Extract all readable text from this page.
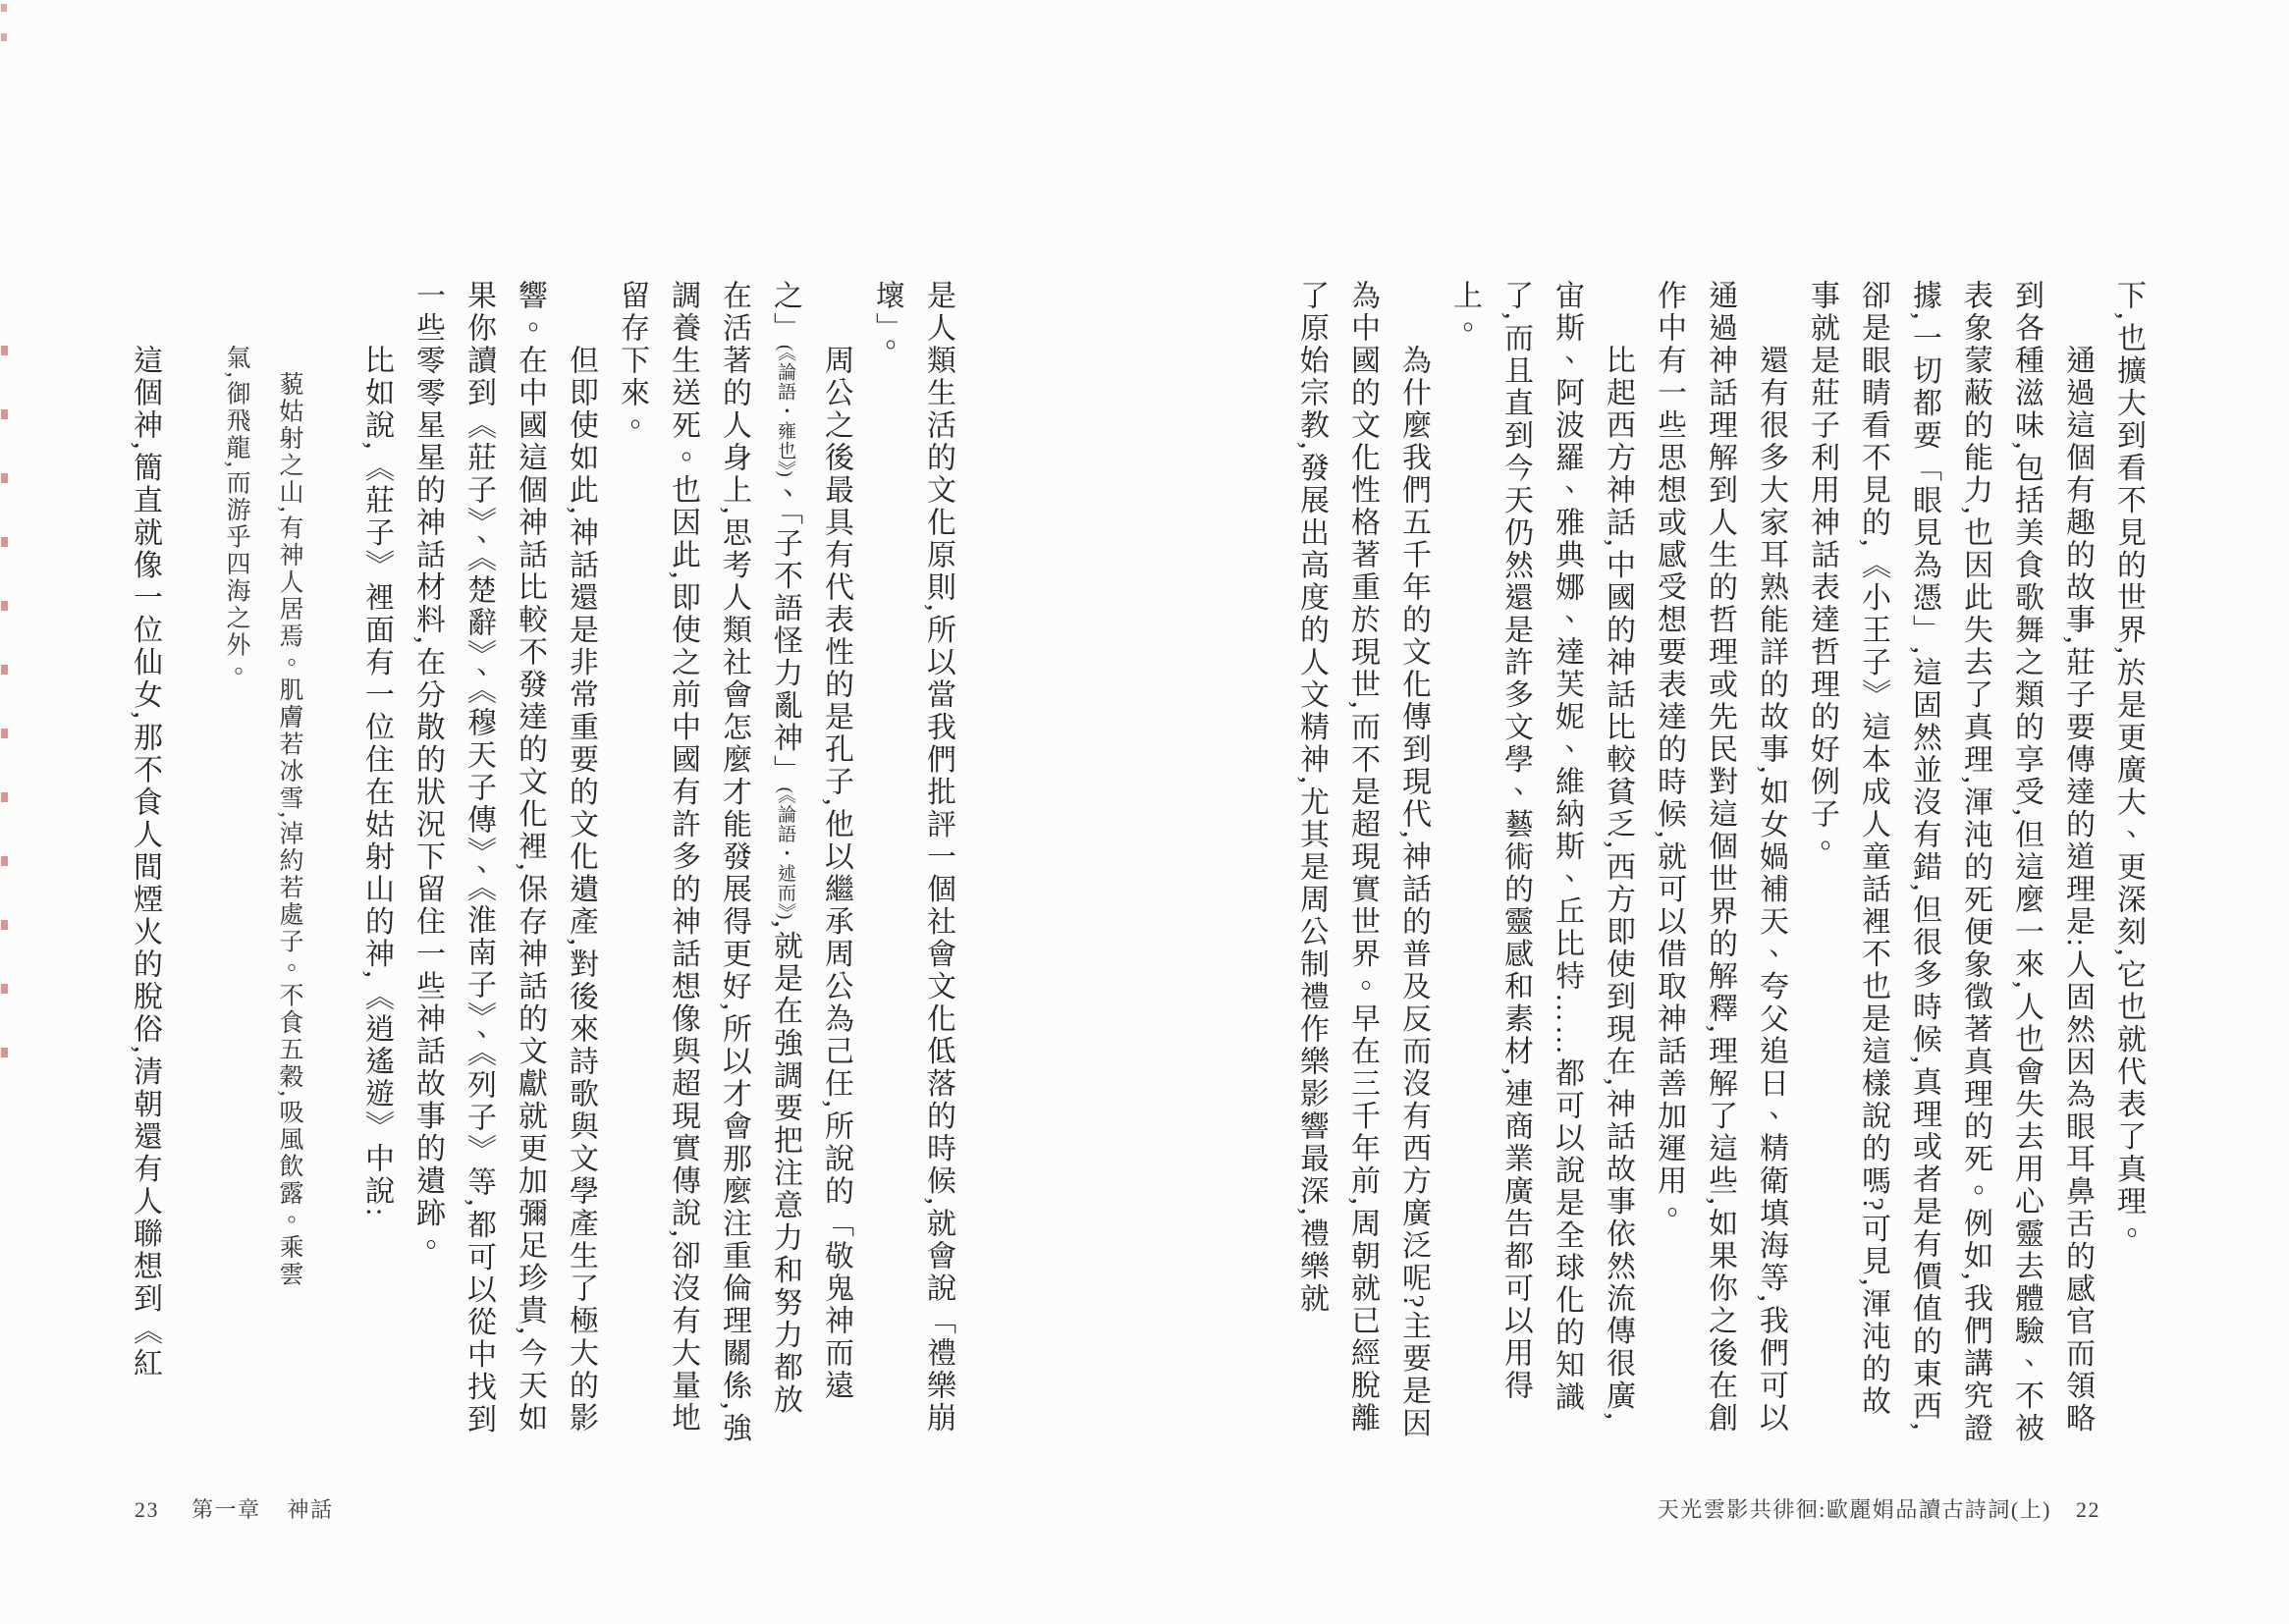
是人類生活的文化原則,所以當我們批評一個社會文化低落的時候,就會說「禮樂崩壞」。

周公之後最具有代表性的是孔子,他以繼承周公為己任,所說的「敬鬼神而遠之」(《論語・雍也》)、「子不語怪力亂神」(《論語・述而》),就是在強調要把注意力和努力都放在活著的人身上,思考人類社會怎麼才能發展得更好,所以才會那麼注重倫理關係,強調養生送死。也因此,即使之前中國有許多的神話想像與超現實傳說,卻沒有大量地留存下來。

但即使如此,神話還是非常重要的文化遺產,對後來詩歌與文學產生了極大的影響。在中國這個神話比較不發達的文化裡,保存神話的文獻就更加彌足珍貴,今天如果你讀到《莊子》、《楚辭》、《穆天子傳》、《淮南子》、《列子》等,都可以從中找到一些零零星星的神話材料,在分散的狀況下留住一些神話故事的遺跡。

比如說,《莊子》裡面有一位住在姑射山的神,《逍遙遊》中說:

藐姑射之山,有神人居焉。肌膚若冰雪,淖約若處子。不食五穀,吸風飲露。乘雲氣,御飛龍,而游乎四海之外。

這個神,簡直就像一位仙女,那不食人間煙火的脫俗,清朝還有人聯想到《紅

23 第一章 神話

下,也擴大到看不見的世界,於是更廣大、更深刻,它也就代表了真理。

通過這個有趣的故事,莊子要傳達的道理是:人固然因為眼耳鼻舌的感官而領略到各種滋味,包括美食歌舞之類的享受,但這麼一來,人也會失去用心靈去體驗、不被表象蒙蔽的能力,也因此失去了真理,渾沌的死便象徵著真理的死。例如,我們講究證據,一切都要「眼見為憑」,這固然並沒有錯,但很多時候,真理或者是有價值的東西,卻是眼睛看不見的,《小王子》這本成人童話裡不也是這樣說的嗎?可見,渾沌的故事就是莊子利用神話表達哲理的好例子。

還有很多大家耳熟能詳的故事,如女媧補天、夸父追日、精衛填海等,我們可以通過神話理解到人生的哲理或先民對這個世界的解釋,理解了這些,如果你之後在創作中有一些思想或感受想要表達的時候,就可以借取神話善加運用。

比起西方神話,中國的神話比較貧乏,西方即使到現在,神話故事依然流傳很廣,宙斯、阿波羅、雅典娜、達芙妮、維納斯、丘比特……都可以說是全球化的知識了,而且直到今天仍然還是許多文學、藝術的靈感和素材,連商業廣告都可以用得上。

為什麼我們五千年的文化傳到現代,神話的普及反而沒有西方廣泛呢?主要是因為中國的文化性格著重於現世,而不是超現實世界。早在三千年前,周朝就已經脫離了原始宗教,發展出高度的人文精神,尤其是周公制禮作樂影響最深,禮樂就

天光雲影共徘徊:歐麗娟品讀古詩詞(上) 22
